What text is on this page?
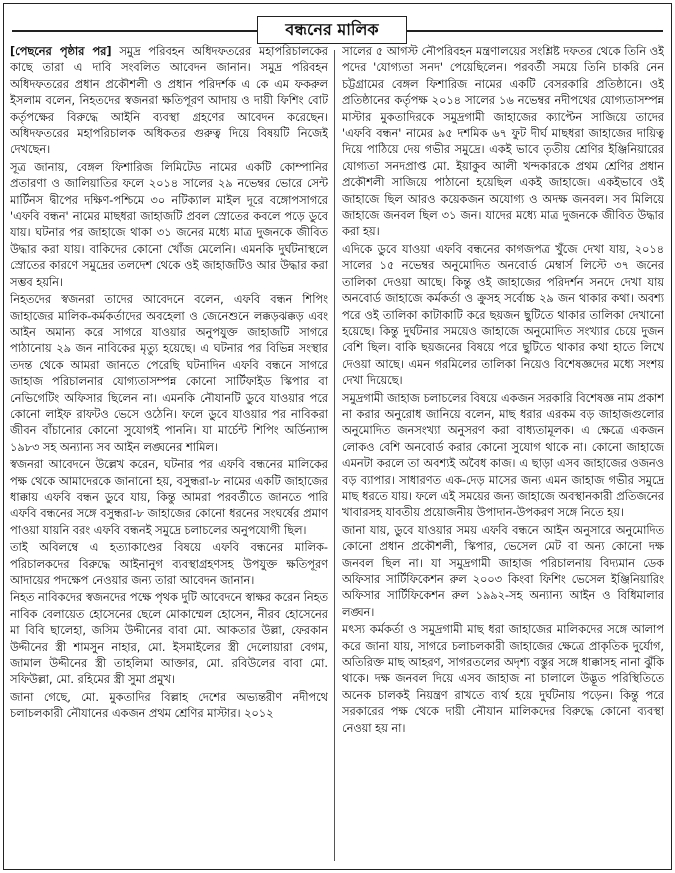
বন্ধনের মালিক

[পেছনের পৃষ্ঠার পর] সমুদ্র পরিবহন অধিদফতরের মহাপরিচালকের কাছে তারা এ দাবি সংবলিত আবেদন জানান। সমুদ্র পরিবহন অধিদফতরের প্রধান প্রকৌশলী ও প্রধান পরিদর্শক এ কে এম ফকরুল ইসলাম বলেন, নিহতদের স্বজনরা ক্ষতিপূরণ আদায় ও দায়ী ফিশিং বোট কর্তৃপক্ষের বিরুদ্ধে আইনি ব্যবস্থা গ্রহণের আবেদন করেছেন। অধিদফতরের মহাপরিচালক অধিকতর গুরুত্ব দিয়ে বিষয়টি নিজেই দেখছেন।

সূত্র জানায়, বেঙ্গল ফিশারিজ লিমিটেড নামের একটি কোম্পানির প্রতারণা ও জালিয়াতির ফলে ২০১৪ সালের ২৯ নভেম্বর ভোরে সেন্ট মার্টিনস দ্বীপের দক্ষিণ-পশ্চিমে ৩০ নটিক্যাল মাইল দূরে বঙ্গোপসাগরে 'এফবি বন্ধন' নামের মাছধরা জাহাজটি প্রবল স্রোতের কবলে পড়ে ডুবে যায়। ঘটনার পর জাহাজে থাকা ৩১ জনের মধ্যে মাত্র দুজনকে জীবিত উদ্ধার করা যায়। বাকিদের কোনো খোঁজ মেলেনি। এমনকি দুর্ঘটনাস্থলে স্রোতের কারণে সমুদ্রের তলদেশ থেকে ওই জাহাজটিও আর উদ্ধার করা সম্ভব হয়নি।

নিহতদের স্বজনরা তাদের আবেদনে বলেন, এফবি বন্ধন শিপিং জাহাজের মালিক-কর্মকর্তাদের অবহেলা ও জেনেশুনে লক্কড়ঝক্কড় এবং আইন অমান্য করে সাগরে যাওয়ার অনুপযুক্ত জাহাজটি সাগরে পাঠানোয় ২৯ জন নাবিকের মৃত্যু হয়েছে। এ ঘটনার পর বিভিন্ন সংস্থার তদন্ত থেকে আমরা জানতে পেরেছি ঘটনাদিন এফবি বন্ধনে সাগরে জাহাজ পরিচালনার যোগ্যতাসম্পন্ন কোনো সার্টিফাইড স্কিপার বা নেভিগেটিং অফিসার ছিলেন না। এমনকি নৌযানটি ডুবে যাওয়ার পরে কোনো লাইফ রাফটও ভেসে ওঠেনি। ফলে ডুবে যাওয়ার পর নাবিকরা জীবন বাঁচানোর কোনো সুযোগই পাননি। যা মার্চেন্ট শিপিং অর্ডিন্যান্স ১৯৮৩ সহ অন্যান্য সব আইন লঙ্ঘনের শামিল।

স্বজনরা আবেদনে উল্লেখ করেন, ঘটনার পর এফবি বন্ধনের মালিকের পক্ষ থেকে আমাদেরকে জানানো হয়, বসুন্ধরা-৮ নামের একটি জাহাজের ধাক্কায় এফবি বন্ধন ডুবে যায়, কিন্তু আমরা পরবর্তীতে জানতে পারি এফবি বন্ধনের সঙ্গে বসুন্ধরা-৮ জাহাজের কোনো ধরনের সংঘর্ষের প্রমাণ পাওয়া যায়নি বরং এফবি বন্ধনই সমুদ্রে চলাচলের অনুপযোগী ছিল।

তাই অবিলম্বে এ হত্যাকাণ্ডের বিষয়ে এফবি বন্ধনের মালিক-পরিচালকদের বিরুদ্ধে আইনানুগ ব্যবস্থাগ্রহণসহ উপযুক্ত ক্ষতিপূরণ আদায়ের পদক্ষেপ নেওয়ার জন্য তারা আবেদন জানান।

নিহত নাবিকদের স্বজনদের পক্ষে পৃথক দুটি আবেদনে স্বাক্ষর করেন নিহত নাবিক বেলায়েত হোসেনের ছেলে মোকাম্মেল হোসেন, নীরব হোসেনের মা বিবি ছালেহা, জসিম উদ্দীনের বাবা মো. আকতার উল্লা, ফেরকান উদ্দীনের স্ত্রী শামসুন নাহার, মো. ইসমাইলের স্ত্রী দেলোয়ারা বেগম, জামাল উদ্দীনের স্ত্রী তাহলিমা আক্তার, মো. রবিউলের বাবা মো. সফিউল্লা, মো. রহিমের স্ত্রী সুমা প্রমুখ।

জানা গেছে, মো. মুকতাদির বিল্লাহ দেশের অভ্যন্তরীণ নদীপথে চলাচলকারী নৌযানের একজন প্রথম শ্রেণির মাস্টার। ২০১২

সালের ৫ আগস্ট নৌপরিবহন মন্ত্রণালয়ের সংশ্লিষ্ট দফতর থেকে তিনি ওই পদের 'যোগ্যতা সনদ' পেয়েছিলেন। পরবর্তী সময়ে তিনি চাকরি নেন চট্টগ্রামের বেঙ্গল ফিশারিজ নামের একটি বেসরকারি প্রতিষ্ঠানে। ওই প্রতিষ্ঠানের কর্তৃপক্ষ ২০১৪ সালের ১৬ নভেম্বর নদীপথের যোগ্যতাসম্পন্ন মাস্টার মুকতাদিরকে সমুদ্রগামী জাহাজের ক্যাপ্টেন সাজিয়ে তাদের 'এফবি বন্ধন' নামের ৯৫ দশমিক ৬৭ ফুট দীর্ঘ মাছধরা জাহাজের দায়িত্ব দিয়ে পাঠিয়ে দেয় গভীর সমুদ্রে। একই ভাবে তৃতীয় শ্রেণির ইঞ্জিনিয়ারের যোগ্যতা সনদপ্রাপ্ত মো. ইয়াকুব আলী খন্দকারকে প্রথম শ্রেণির প্রধান প্রকৌশলী সাজিয়ে পাঠানো হয়েছিল একই জাহাজে। একইভাবে ওই জাহাজে ছিল আরও কয়েকজন অযোগ্য ও অদক্ষ জনবল। সব মিলিয়ে জাহাজে জনবল ছিল ৩১ জন। যাদের মধ্যে মাত্র দুজনকে জীবিত উদ্ধার করা হয়।

এদিকে ডুবে যাওয়া এফবি বন্ধনের কাগজপত্র খুঁজে দেখা যায়, ২০১৪ সালের ১৫ নভেম্বর অনুমোদিত অনবোর্ড মেম্বার্স লিস্টে ৩৭ জনের তালিকা দেওয়া আছে। কিন্তু ওই জাহাজের পরিদর্শন সনদে দেখা যায় অনবোর্ড জাহাজে কর্মকর্তা ও ক্রুসহ সর্বোচ্চ ২৯ জন থাকার কথা। অবশ্য পরে ওই তালিকা কাটাকাটি করে ছয়জন ছুটিতে থাকার তালিকা দেখানো হয়েছে। কিন্তু দুর্ঘটনার সময়েও জাহাজে অনুমোদিত সংখ্যার চেয়ে দুজন বেশি ছিল। বাকি ছয়জনের বিষয়ে পরে ছুটিতে থাকার কথা হাতে লিখে দেওয়া আছে। এমন গরমিলের তালিকা নিয়েও বিশেষজ্ঞদের মধ্যে সংশয় দেখা দিয়েছে।

সমুদ্রগামী জাহাজ চলাচলের বিষয়ে একজন সরকারি বিশেষজ্ঞ নাম প্রকাশ না করার অনুরোধ জানিয়ে বলেন, মাছ ধরার এরকম বড় জাহাজগুলোর অনুমোদিত জনসংখ্যা অনুসরণ করা বাধ্যতামূলক। এ ক্ষেত্রে একজন লোকও বেশি অনবোর্ড করার কোনো সুযোগ থাকে না। কোনো জাহাজে এমনটা করলে তা অবশ্যই অবৈধ কাজ। এ ছাড়া এসব জাহাজের ওজনও বড় ব্যাপার। সাধারণত এক-দেড় মাসের জন্য এমন জাহাজ গভীর সমুদ্রে মাছ ধরতে যায়। ফলে এই সময়ের জন্য জাহাজে অবস্থানকারী প্রতিজনের খাবারসহ যাবতীয় প্রয়োজনীয় উপাদান-উপকরণ সঙ্গে নিতে হয়।

জানা যায়, ডুবে যাওয়ার সময় এফবি বন্ধনে আইন অনুসারে অনুমোদিত কোনো প্রধান প্রকৌশলী, স্কিপার, ভেসেল মেট বা অন্য কোনো দক্ষ জনবল ছিল না। যা সমুদ্রগামী জাহাজ পরিচালনায় বিদ্যমান ডেক অফিসার সার্টিফিকেশন রুল ২০০৩ কিংবা ফিশিং ভেসেল ইঞ্জিনিয়ারিং অফিসার সার্টিফিকেশন রুল ১৯৯২-সহ অন্যান্য আইন ও বিধিমালার লঙ্ঘন।

মৎস্য কর্মকর্তা ও সমুদ্রগামী মাছ ধরা জাহাজের মালিকদের সঙ্গে আলাপ করে জানা যায়, সাগরে চলাচলকারী জাহাজের ক্ষেত্রে প্রাকৃতিক দুর্যোগ, অতিরিক্ত মাছ আহরণ, সাগরতলের অদৃশ্য বস্তুর সঙ্গে ধাক্কাসহ নানা ঝুঁকি থাকে। দক্ষ জনবল দিয়ে এসব জাহাজ না চালালে উদ্ভূত পরিস্থিতিতে অনেক চালকই নিয়ন্ত্রণ রাখতে ব্যর্থ হয়ে দুর্ঘটনায় পড়েন। কিন্তু পরে সরকারের পক্ষ থেকে দায়ী নৌযান মালিকদের বিরুদ্ধে কোনো ব্যবস্থা নেওয়া হয় না।
